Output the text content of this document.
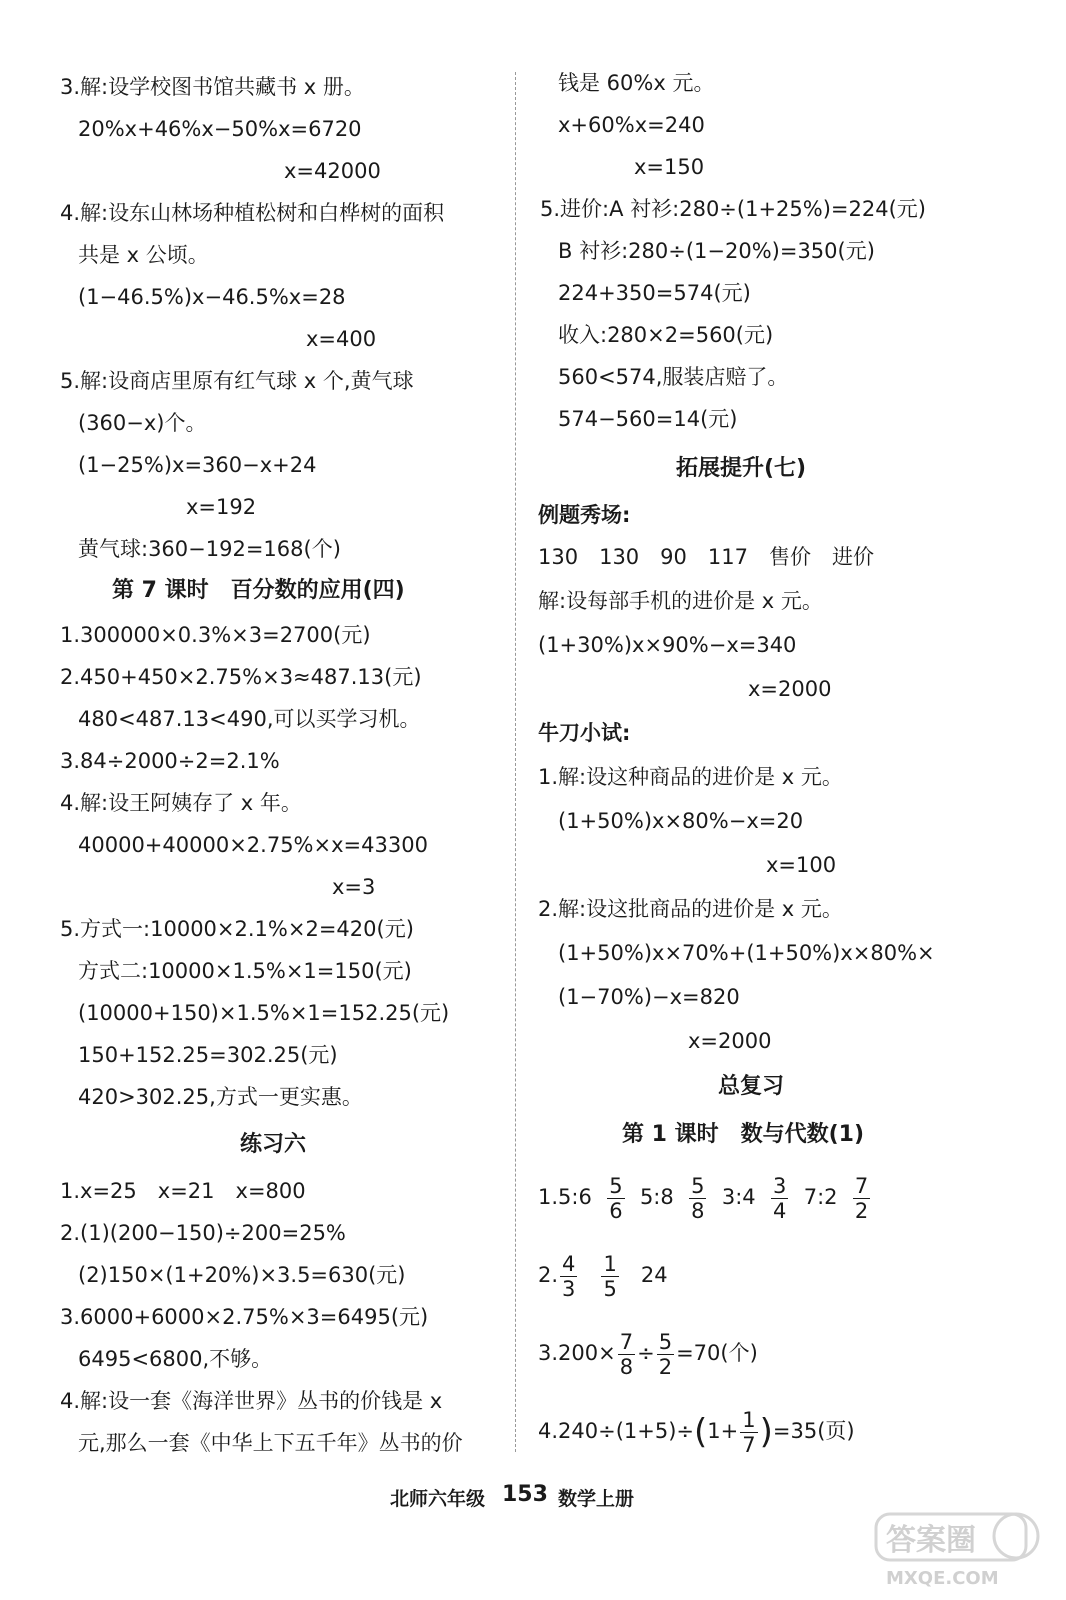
3.解:设学校图书馆共藏书 x 册。
20%x+46%x−50%x=6720
x=42000
4.解:设东山林场种植松树和白桦树的面积
共是 x 公顷。
(1−46.5%)x−46.5%x=28
x=400
5.解:设商店里原有红气球 x 个,黄气球
(360−x)个。
(1−25%)x=360−x+24
x=192
黄气球:360−192=168(个)
第 7 课时　百分数的应用(四)
1.300000×0.3%×3=2700(元)
2.450+450×2.75%×3≈487.13(元)
480<487.13<490,可以买学习机。
3.84÷2000÷2=2.1%
4.解:设王阿姨存了 x 年。
40000+40000×2.75%×x=43300
x=3
5.方式一:10000×2.1%×2=420(元)
方式二:10000×1.5%×1=150(元)
(10000+150)×1.5%×1=152.25(元)
150+152.25=302.25(元)
420>302.25,方式一更实惠。
练习六
1.x=25　x=21　x=800
2.(1)(200−150)÷200=25%
(2)150×(1+20%)×3.5=630(元)
3.6000+6000×2.75%×3=6495(元)
6495<6800,不够。
4.解:设一套《海洋世界》丛书的价钱是 x
元,那么一套《中华上下五千年》丛书的价
钱是 60%x 元。
x+60%x=240
x=150
5.进价:A 衬衫:280÷(1+25%)=224(元)
B 衬衫:280÷(1−20%)=350(元)
224+350=574(元)
收入:280×2=560(元)
560<574,服装店赔了。
574−560=14(元)
拓展提升(七)
例题秀场:
130　130　90　117　售价　进价
解:设每部手机的进价是 x 元。
(1+30%)x×90%−x=340
x=2000
牛刀小试:
1.解:设这种商品的进价是 x 元。
(1+50%)x×80%−x=20
x=100
2.解:设这批商品的进价是 x 元。
(1+50%)x×70%+(1+50%)x×80%×
(1−70%)−x=820
x=2000
总复习
第 1 课时　数与代数(1)
1.5:6 $\frac{5}{6}$ 5:8 $\frac{5}{8}$ 3:4 $\frac{3}{4}$ 7:2 $\frac{7}{2}$
2. $\frac{4}{3}$
$\frac{1}{5} 24$
$3.200\times \frac{7}{8} \div \frac{5}{2} =70$(个)
$4.240\div(1+5)\div(1+ \frac{1}{7} )=35$(页)
北师六年级 153 数学上册
答案圈
MXQE.COM
